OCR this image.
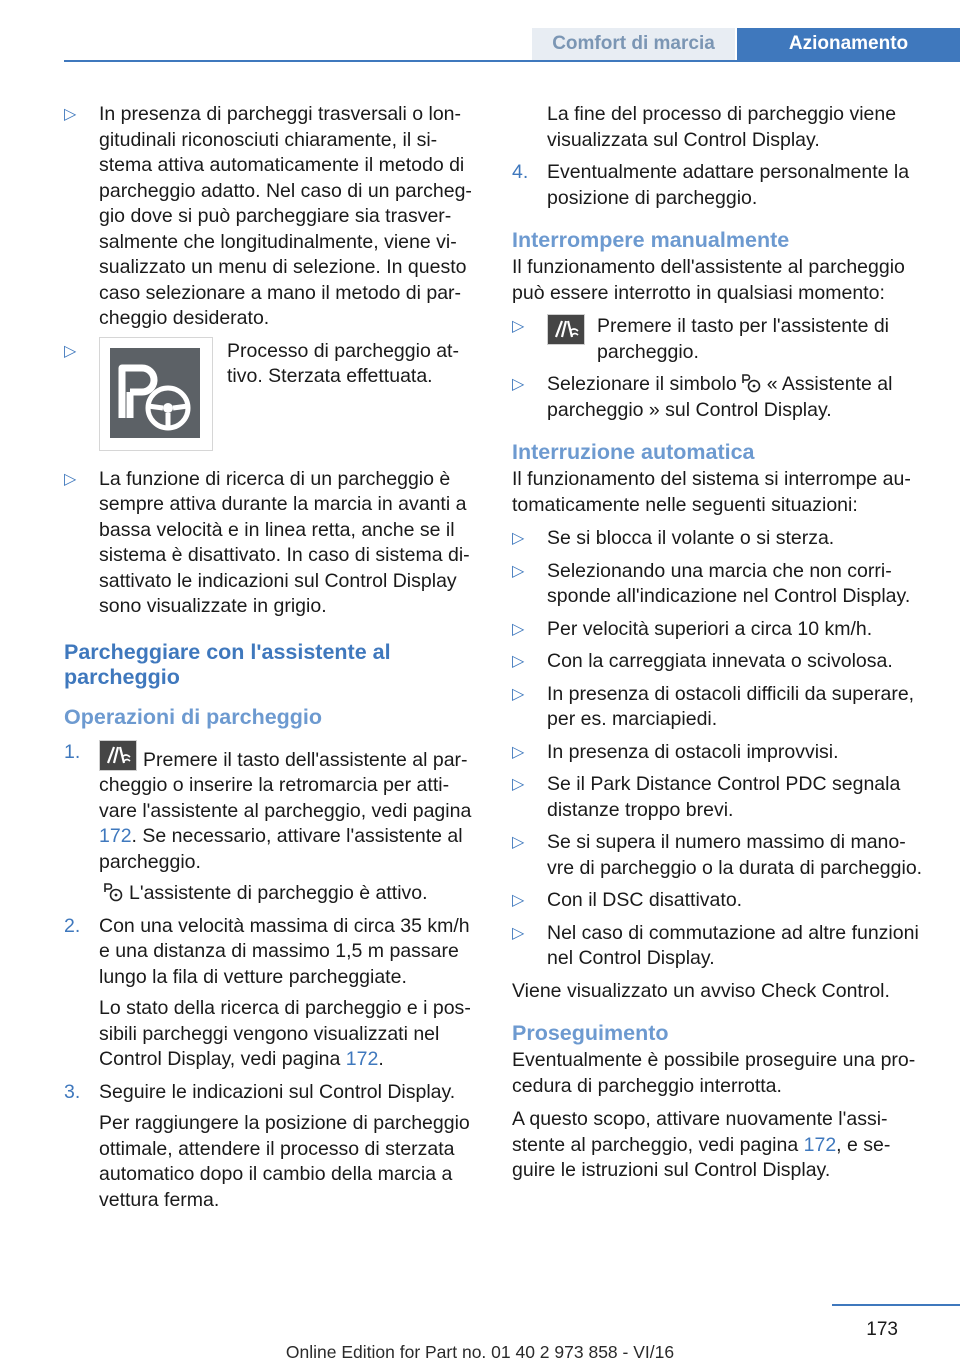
Comfort di marcia	Azionamento
▷ In presenza di parcheggi trasversali o longitudinali riconosciuti chiaramente, il sistema attiva automaticamente il metodo di parcheggio adatto. Nel caso di un parcheggio dove si può parcheggiare sia trasversalmente che longitudinalmente, viene visualizzato un menu di selezione. In questo caso selezionare a mano il metodo di parcheggio desiderato.

▷	Processo di parcheggio attivo. Sterzata effettuata.

▷ La funzione di ricerca di un parcheggio è sempre attiva durante la marcia in avanti a bassa velocità e in linea retta, anche se il sistema è disattivato. In caso di sistema disattivato le indicazioni sul Control Display sono visualizzate in grigio.

Parcheggiare con l'assistente al parcheggio
Operazioni di parcheggio
1.	Premere il tasto dell'assistente al parcheggio o inserire la retromarcia per attivare l'assistente al parcheggio, vedi pagina 172. Se necessario, attivare l'assistente al parcheggio.

L'assistente di parcheggio è attivo.

2. Con una velocità massima di circa 35 km/h e una distanza di massimo 1,5 m passare lungo la fila di vetture parcheggiate.

Lo stato della ricerca di parcheggio e i possibili parcheggi vengono visualizzati nel Control Display, vedi pagina 172.

3. Seguire le indicazioni sul Control Display.

Per raggiungere la posizione di parcheggio ottimale, attendere il processo di sterzata automatico dopo il cambio della marcia a vettura ferma.

La fine del processo di parcheggio viene visualizzata sul Control Display.

4. Eventualmente adattare personalmente la posizione di parcheggio.

Interrompere manualmente

Il funzionamento dell'assistente al parcheggio può essere interrotto in qualsiasi momento:

▷	Premere il tasto per l'assistente di parcheggio.

▷ Selezionare il simbolo « Assistente al parcheggio » sul Control Display.

Interruzione automatica

Il funzionamento del sistema si interrompe automaticamente nelle seguenti situazioni:

▷ Se si blocca il volante o si sterza.

▷ Selezionando una marcia che non corrisponde all'indicazione nel Control Display.

▷ Per velocità superiori a circa 10 km/h.

▷ Con la carreggiata innevata o scivolosa.

▷ In presenza di ostacoli difficili da superare, per es. marciapiedi.

▷ In presenza di ostacoli improvvisi.

▷ Se il Park Distance Control PDC segnala distanze troppo brevi.

▷ Se si supera il numero massimo di manovre di parcheggio o la durata di parcheggio.

▷ Con il DSC disattivato.

▷ Nel caso di commutazione ad altre funzioni nel Control Display.

Viene visualizzato un avviso Check Control.

Proseguimento

Eventualmente è possibile proseguire una procedura di parcheggio interrotta.

A questo scopo, attivare nuovamente l'assistente al parcheggio, vedi pagina 172, e seguire le istruzioni sul Control Display.

173
Online Edition for Part no. 01 40 2 973 858 - VI/16
